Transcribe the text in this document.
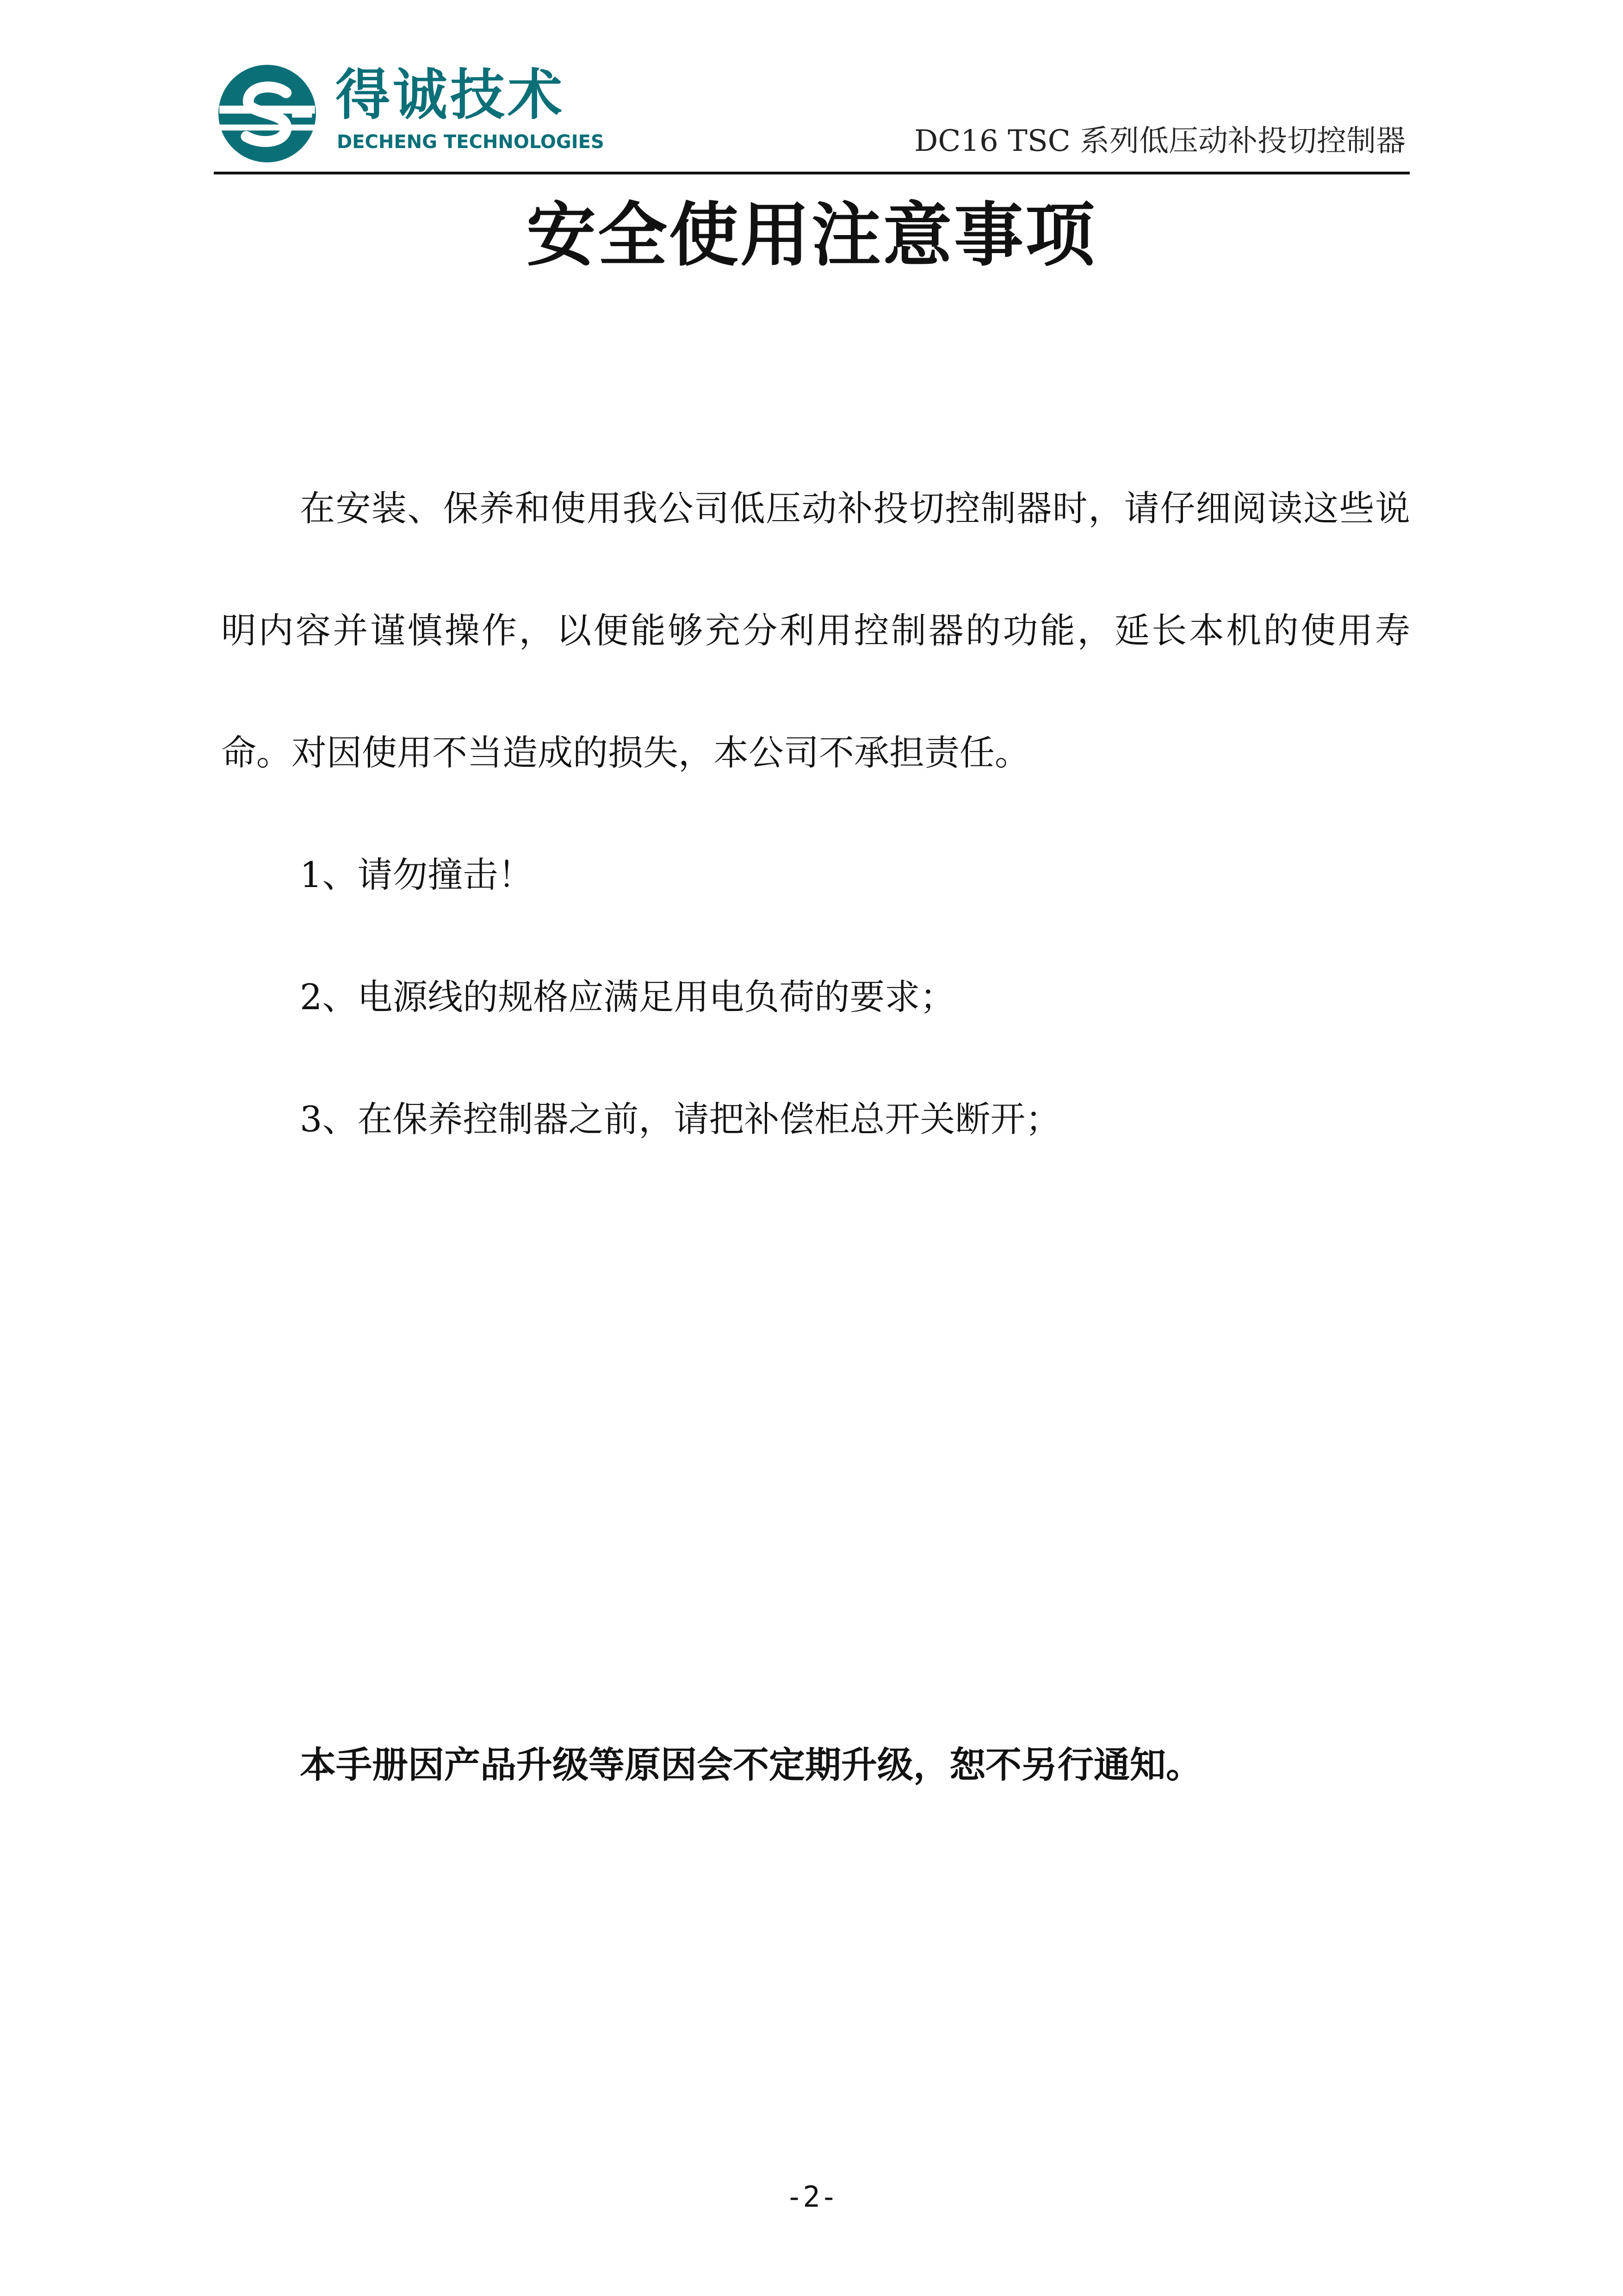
得诚技术
DECHENG TECHNOLOGIES	DC16 TSC 系列低压动补投切控制器
安全使用注意事项

在安装、保养和使用我公司低压动补投切控制器时，请仔细阅读这些说明内容并谨慎操作，以便能够充分利用控制器的功能，延长本机的使用寿命。对因使用不当造成的损失，本公司不承担责任。

1、请勿撞击！

2、电源线的规格应满足用电负荷的要求；

3、在保养控制器之前，请把补偿柜总开关断开；

本手册因产品升级等原因会不定期升级，恕不另行通知。
-2-
